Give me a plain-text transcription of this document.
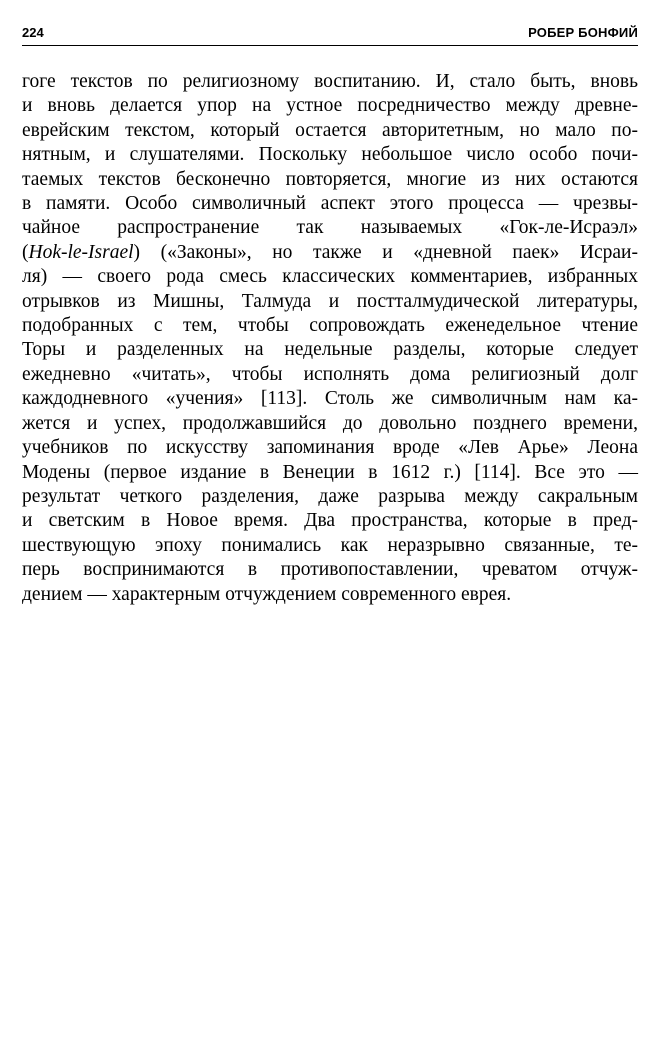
224	РОБЕР БОНФИЙ
гоге текстов по религиозному воспитанию. И, стало быть, вновь
и вновь делается упор на устное посредничество между древне-
еврейским текстом, который остается авторитетным, но мало по-
нятным, и слушателями. Поскольку небольшое число особо почи-
таемых текстов бесконечно повторяется, многие из них остаются
в памяти. Особо символичный аспект этого процесса — чрезвы-
чайное распространение так называемых «Гок-ле-Исраэл»
(Hok-le-Israel) («Законы», но также и «дневной паек» Исраи-
ля) — своего рода смесь классических комментариев, избранных
отрывков из Мишны, Талмуда и постталмудической литературы,
подобранных с тем, чтобы сопровождать еженедельное чтение
Торы и разделенных на недельные разделы, которые следует
ежедневно «читать», чтобы исполнять дома религиозный долг
каждодневного «учения» [113]. Столь же символичным нам ка-
жется и успех, продолжавшийся до довольно позднего времени,
учебников по искусству запоминания вроде «Лев Арье» Леона
Модены (первое издание в Венеции в 1612 г.) [114]. Все это —
результат четкого разделения, даже разрыва между сакральным
и светским в Новое время. Два пространства, которые в пред-
шествующую эпоху понимались как неразрывно связанные, те-
перь воспринимаются в противопоставлении, чреватом отчуж-
дением — характерным отчуждением современного еврея.
